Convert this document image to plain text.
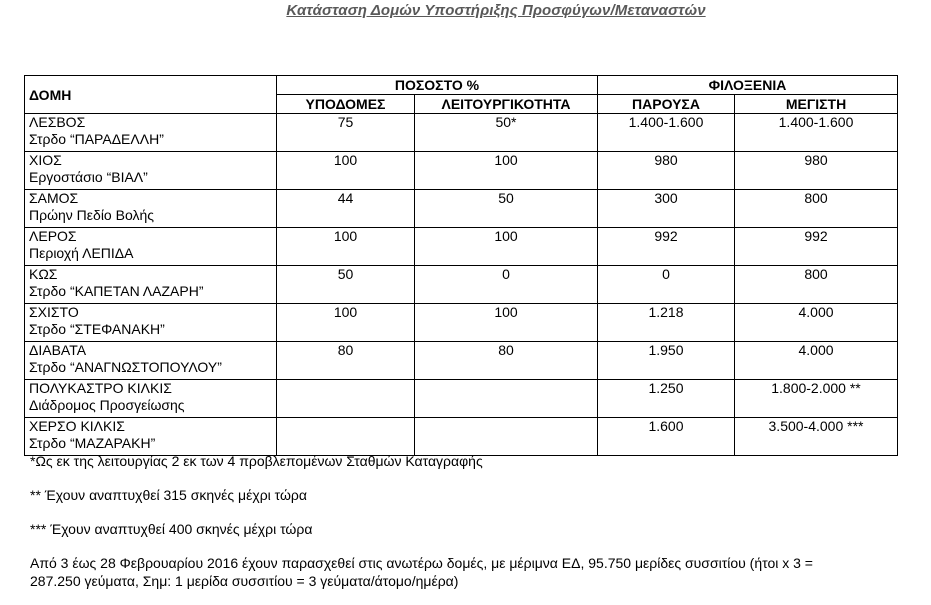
Κατάσταση Δομών Υποστήριξης Προσφύγων/Μεταναστών
ΔΟΜΗ	ΠΟΣΟΣΤΟ %		ΦΙΛΟΞΕΝΙΑ	
	ΥΠΟΔΟΜΕΣ	ΛΕΙΤΟΥΡΓΙΚΟΤΗΤΑ	ΠΑΡΟΥΣΑ	ΜΕΓΙΣΤΗ

ΛΕΣΒΟΣ
Στρδο “ΠΑΡΑΔΕΛΛΗ”	75	50*	1.400-1.600	1.400-1.600

ΧΙΟΣ
Εργοστάσιο “ΒΙΑΛ”	100	100	980	980

ΣΑΜΟΣ
Πρώην Πεδίο Βολής	44	50	300	800

ΛΕΡΟΣ
Περιοχή ΛΕΠΙΔΑ	100	100	992	992

ΚΩΣ
Στρδο “ΚΑΠΕΤΑΝ ΛΑΖΑΡΗ”	50	0	0	800

ΣΧΙΣΤΟ
Στρδο “ΣΤΕΦΑΝΑΚΗ”	100	100	1.218	4.000

ΔΙΑΒΑΤΑ
Στρδο “ΑΝΑΓΝΩΣΤΟΠΟΥΛΟΥ”	80	80	1.950	4.000

ΠΟΛΥΚΑΣΤΡΟ ΚΙΛΚΙΣ
Διάδρομος Προσγείωσης			1.250	1.800-2.000 **

ΧΕΡΣΟ ΚΙΛΚΙΣ
Στρδο “ΜΑΖΑΡΑΚΗ”			1.600	3.500-4.000 ***
*Ως εκ της λειτουργίας 2 εκ των 4 προβλεπομένων Σταθμών Καταγραφής
** Έχουν αναπτυχθεί 315 σκηνές μέχρι τώρα
*** Έχουν αναπτυχθεί 400 σκηνές μέχρι τώρα
Από 3 έως 28 Φεβρουαρίου 2016 έχουν παρασχεθεί στις ανωτέρω δομές, με μέριμνα ΕΔ, 95.750 μερίδες συσσιτίου (ήτοι x 3 =
287.250 γεύματα, Σημ: 1 μερίδα συσσιτίου = 3 γεύματα/άτομο/ημέρα)
